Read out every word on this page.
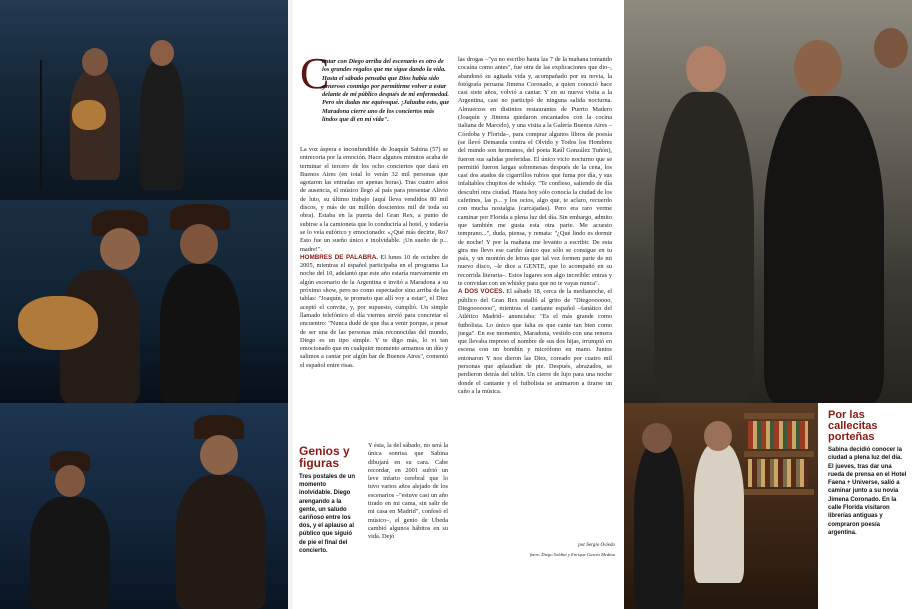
C
antar con Diego arriba del escenario es otro de los grandes regalos que me sigue dando la vida. Hasta el sábado pensaba que Dios había sido generoso conmigo por permitirme volver a estar delante de mi público después de mi enfermedad. Pero sin dudas me equivoqué. ¡Jaluuba esto, que Maradona cierre uno de los conciertos más lindos que di en mi vida".

La voz áspera e inconfundible de Joaquín Sabina (57) se entrecorta por la emoción. Hace algunos minutos acaba de terminar el tercero de los ocho conciertos que dará en Buenos Aires (en total lo verán 32 mil personas que agotaron las entradas en apenas horas). Tras cuatro años de ausencia, el músico llegó al país para presentar Alivio de luto, su último trabajo (aquí lleva vendidos 80 mil discos, y más de un millón doscientos mil de toda su obra). Estaba en la puerta del Gran Rex, a punto de subirse a la camioneta que lo conduciría al hotel, y todavía se lo veía eufórico y emocionado: «¿Qué más decirte, Ro? Esto fue un sueño único e inolvidable. ¡Un sueño de p... madre!".

HOMBRES DE PALABRA. El lunes 10 de octubre de 2005, mientras el español participaba en el programa La noche del 10, adelantó que este año estaría nuevamente en algún escenario de la Argentina e invitó a Maradona a su próximo show, pero no como espectador sino arriba de las tablas: "Joaquín, te prometo que allí voy a estar", el Diez aceptó el convite, y, por supuesto, cumplió. Un simple llamado telefónico el día viernes sirvió para concretar el encuentro: "Nunca dudé de que iba a venir porque, a pesar de ser una de las personas más reconocidas del mundo, Diego es un tipo simple. Y te digo más, lo vi tan emocionado que en cualquier momento armamos un dúo y salimos a cantar por algún bar de Buenos Aires", comentó el español entre risas.

Genios y figuras
Tres postales de un momento inolvidable. Diego arengando a la gente, un saludo cariñoso entre los dos, y el aplauso al público que siguió de pie el final del concierto.
Y ésta, la del sábado, no será la única sonrisa que Sabina dibujará en su cara. Cabe recordar, en 2001 sufrió un leve infarto cerebral que lo tuvo varios años alejado de los escenarios –"estuve casi un año tirado en mi cama, sin salir de mi casa en Madrid", confesó el músico–, el genio de Ubeda cambió algunos hábitos en su vida. Dejó

las drogas –"ya no escribo hasta las 7 de la mañana tomando cocaína como antes", fue otra de las explicaciones que dio–, abandonó su agitada vida y, acompañado por su novia, la fotógrafa peruana Jimena Coronado, a quien conoció hace casi siete años, volvió a cantar. Y en su nueva visita a la Argentina, casi no participó de ninguna salida nocturna. Almuerzos en distintos restaurantes de Puerto Madero (Joaquín y Jimena quedaron encantados con la cocina italiana de Marcelo), y una visita a la Galería Buenos Aires –Córdoba y Florida–, para comprar algunos libros de poesía (se llevó Demanda contra el Olvido y Todos los Hombres del mundo son hermanos, del poeta Raúl González Tuñón), fueron sus salidas preferidas. El único vicio nocturno que se permitió fueron largas sobremesas después de la cena, los casi dos atados de cigarrillos rubios que fuma por día, y sus infaltables chupitos de whisky. "Te confieso, saliendo de día descubrí otra ciudad. Hasta hoy sólo conocía la ciudad de los cafetines, las p... y los ocios, algo que, te aclaro, recuerdo con mucha nostalgia (carcajadas). Pero era raro verme caminar por Florida a plena luz del día. Sin embargo, admito que también me gusta esta otra parte. Me acuesto temprano...", duda, piensa, y remata: "¿Qué lindo es dormir de noche! Y por la mañana me levanto a escribir. De esta gira me llevo ese cariño único que sólo se consigue en tu país, y un montón de letras que tal vez formen parte de mi nuevo disco, –le dice a GENTE, que lo acompañó en su recorrida literaria–. Estos lugares son algo increíble: entras y te convidan con un whisky para que no te vayas nunca".

A DOS VOCES. El sábado 18, cerca de la medianoche, el público del Gran Rex estalló al grito de "Diegooooooo, Diegooooooo", mientras el cantante español –fanático del Atlético Madrid– anunciaba: "Es el más grande como futbolista. Lo único que falta es que cante tan bien como juega". En ese momento, Maradona, vestido con una remera que llevaba impreso el nombre de sus dos hijas, irrumpió en escena con un bombín y micrófono en mano. Juntos entonaron Y nos dieron las Diez, coreado por cuatro mil personas que aplaudían de pie. Después, abrazados, se perdieron detrás del telón. Un cierre de lujo para una noche donde el cantante y el futbolista se animaron a tirarse un caño a la música.

por Sergio Oviedo
fotos: Diego Soldini y Enrique García Medina
Por las callecitas porteñas
Sabina decidió conocer la ciudad a plena luz del día. El jueves, tras dar una rueda de prensa en el Hotel Faena + Universe, salió a caminar junto a su novia Jimena Coronado. En la calle Florida visitaron librerías antiguas y compraron poesía argentina.
